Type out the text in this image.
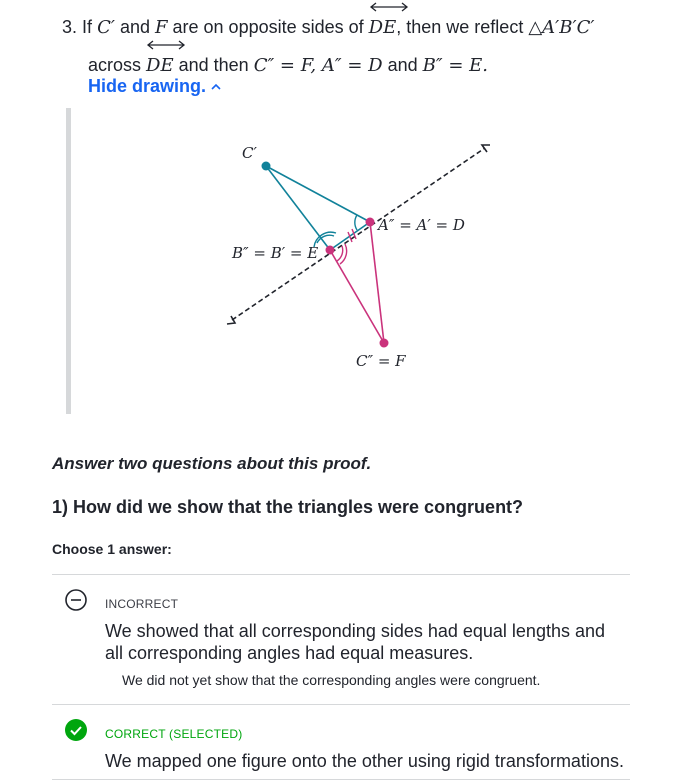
3. If C′ and F are on opposite sides of DE, then we reflect △A′B′C′
across DE and then C″ = F, A″ = D and B″ = E.
Hide drawing.
C′
A″ = A′ = D
B″ = B′ = E
C″ = F
Answer two questions about this proof.
1) How did we show that the triangles were congruent?
Choose 1 answer:
INCORRECT
We showed that all corresponding sides had equal lengths and all corresponding angles had equal measures.
We did not yet show that the corresponding angles were congruent.
CORRECT (SELECTED)
We mapped one figure onto the other using rigid transformations.
